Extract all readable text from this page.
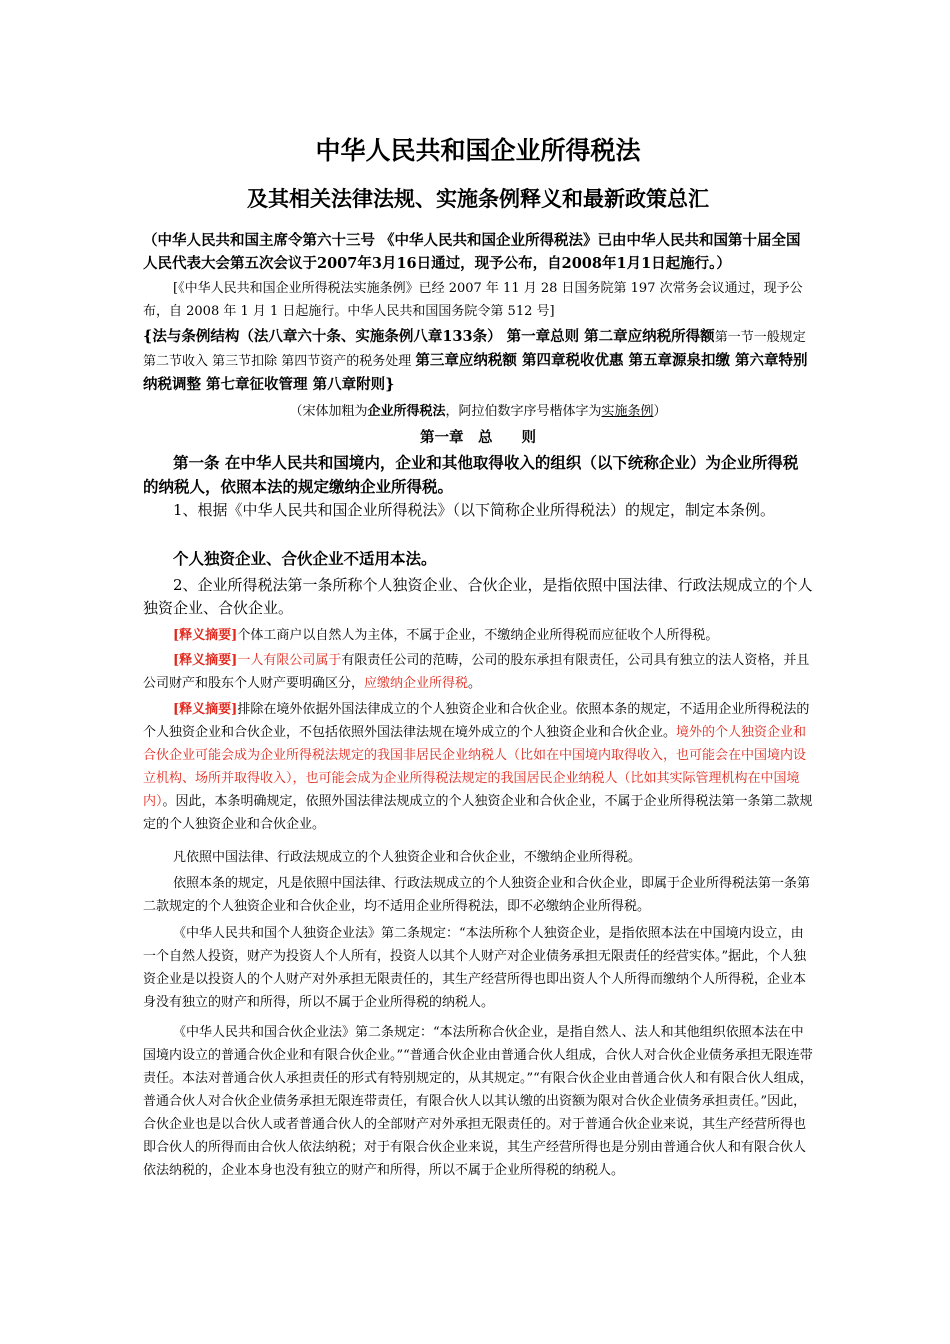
中华人民共和国企业所得税法
及其相关法律法规、实施条例释义和最新政策总汇

（中华人民共和国主席令第六十三号 《中华人民共和国企业所得税法》已由中华人民共和国第十届全国人民代表大会第五次会议于2007年3月16日通过，现予公布，自2008年1月1日起施行。）

[《中华人民共和国企业所得税法实施条例》已经 2007 年 11 月 28 日国务院第 197 次常务会议通过，现予公布，自 2008 年 1 月 1 日起施行。中华人民共和国国务院令第 512 号]

{法与条例结构（法八章六十条、实施条例八章133条） 第一章总则 第二章应纳税所得额第一节一般规定 第二节收入 第三节扣除 第四节资产的税务处理 第三章应纳税额 第四章税收优惠 第五章源泉扣缴 第六章特别纳税调整 第七章征收管理 第八章附则}

（宋体加粗为企业所得税法，阿拉伯数字序号楷体字为实施条例）

第一章　总　　则

第一条 在中华人民共和国境内，企业和其他取得收入的组织（以下统称企业）为企业所得税的纳税人，依照本法的规定缴纳企业所得税。

1、根据《中华人民共和国企业所得税法》（以下简称企业所得税法）的规定，制定本条例。

个人独资企业、合伙企业不适用本法。

2、企业所得税法第一条所称个人独资企业、合伙企业，是指依照中国法律、行政法规成立的个人独资企业、合伙企业。

[释义摘要]个体工商户以自然人为主体，不属于企业，不缴纳企业所得税而应征收个人所得税。

[释义摘要]一人有限公司属于有限责任公司的范畴，公司的股东承担有限责任，公司具有独立的法人资格，并且公司财产和股东个人财产要明确区分，应缴纳企业所得税。

[释义摘要]排除在境外依据外国法律成立的个人独资企业和合伙企业。依照本条的规定，不适用企业所得税法的个人独资企业和合伙企业，不包括依照外国法律法规在境外成立的个人独资企业和合伙企业。境外的个人独资企业和合伙企业可能会成为企业所得税法规定的我国非居民企业纳税人（比如在中国境内取得收入，也可能会在中国境内设立机构、场所并取得收入），也可能会成为企业所得税法规定的我国居民企业纳税人（比如其实际管理机构在中国境内）。因此，本条明确规定，依照外国法律法规成立的个人独资企业和合伙企业，不属于企业所得税法第一条第二款规定的个人独资企业和合伙企业。

凡依照中国法律、行政法规成立的个人独资企业和合伙企业，不缴纳企业所得税。

依照本条的规定，凡是依照中国法律、行政法规成立的个人独资企业和合伙企业，即属于企业所得税法第一条第二款规定的个人独资企业和合伙企业，均不适用企业所得税法，即不必缴纳企业所得税。

《中华人民共和国个人独资企业法》第二条规定：“本法所称个人独资企业，是指依照本法在中国境内设立，由一个自然人投资，财产为投资人个人所有，投资人以其个人财产对企业债务承担无限责任的经营实体。”据此，个人独资企业是以投资人的个人财产对外承担无限责任的，其生产经营所得也即出资人个人所得而缴纳个人所得税，企业本身没有独立的财产和所得，所以不属于企业所得税的纳税人。

《中华人民共和国合伙企业法》第二条规定：“本法所称合伙企业，是指自然人、法人和其他组织依照本法在中国境内设立的普通合伙企业和有限合伙企业。”“普通合伙企业由普通合伙人组成，合伙人对合伙企业债务承担无限连带责任。本法对普通合伙人承担责任的形式有特别规定的，从其规定。”“有限合伙企业由普通合伙人和有限合伙人组成，普通合伙人对合伙企业债务承担无限连带责任，有限合伙人以其认缴的出资额为限对合伙企业债务承担责任。”因此，合伙企业也是以合伙人或者普通合伙人的全部财产对外承担无限责任的。对于普通合伙企业来说，其生产经营所得也即合伙人的所得而由合伙人依法纳税；对于有限合伙企业来说，其生产经营所得也是分别由普通合伙人和有限合伙人依法纳税的，企业本身也没有独立的财产和所得，所以不属于企业所得税的纳税人。
